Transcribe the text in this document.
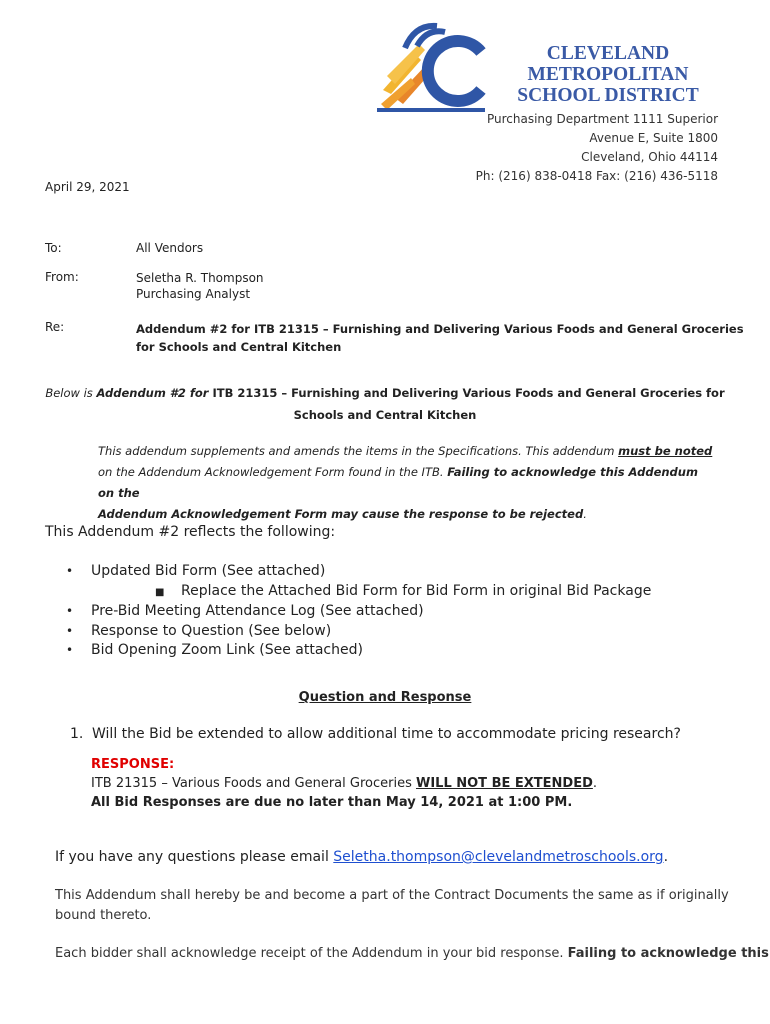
CLEVELAND
METROPOLITAN
SCHOOL DISTRICT
Purchasing Department 1111 Superior
Avenue E, Suite 1800
Cleveland, Ohio 44114
Ph: (216) 838-0418 Fax: (216) 436-5118
April 29, 2021
To:	All Vendors
From:	Seletha R. Thompson
Purchasing Analyst
Re:	Addendum #2 for ITB 21315 – Furnishing and Delivering Various Foods and General Groceries
for Schools and Central Kitchen
Below is Addendum #2 for ITB 21315 – Furnishing and Delivering Various Foods and General Groceries for
Schools and Central Kitchen
This addendum supplements and amends the items in the Specifications. This addendum must be noted
on the Addendum Acknowledgement Form found in the ITB. Failing to acknowledge this Addendum on the
Addendum Acknowledgement Form may cause the response to be rejected.
This Addendum #2 reflects the following:
• Updated Bid Form (See attached)
■ Replace the Attached Bid Form for Bid Form in original Bid Package
• Pre-Bid Meeting Attendance Log (See attached)
• Response to Question (See below)
• Bid Opening Zoom Link (See attached)
Question and Response
1. Will the Bid be extended to allow additional time to accommodate pricing research?
RESPONSE:
ITB 21315 – Various Foods and General Groceries WILL NOT BE EXTENDED.
All Bid Responses are due no later than May 14, 2021 at 1:00 PM.
If you have any questions please email Seletha.thompson@clevelandmetroschools.org.
This Addendum shall hereby be and become a part of the Contract Documents the same as if originally
bound thereto.
Each bidder shall acknowledge receipt of the Addendum in your bid response. Failing to acknowledge this
